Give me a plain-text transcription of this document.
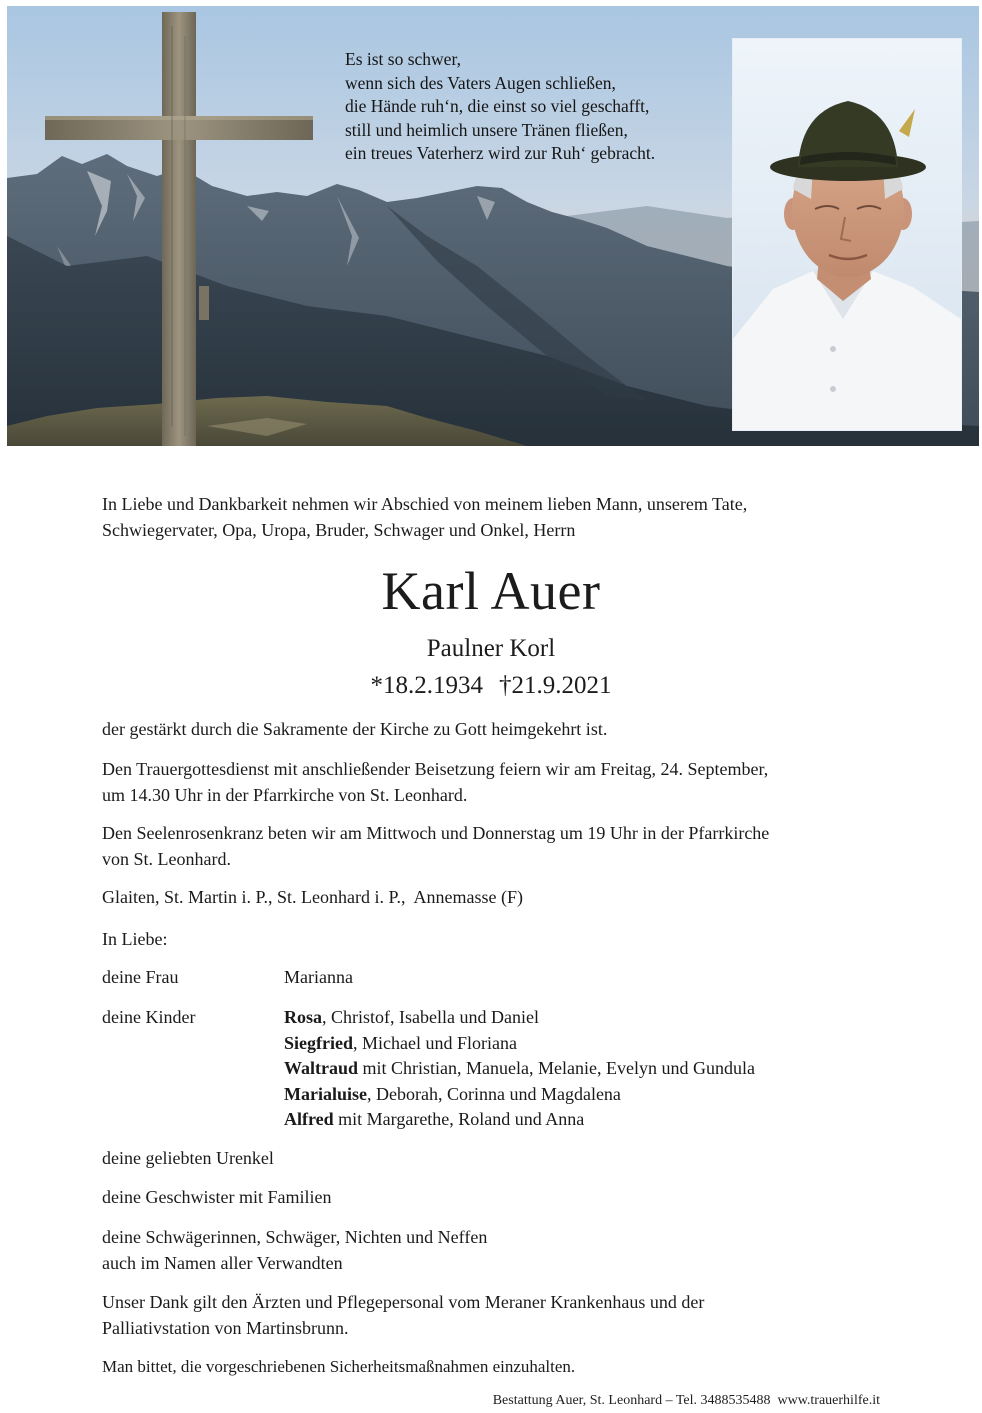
Es ist so schwer,

wenn sich des Vaters Augen schließen,

die Hände ruh‘n, die einst so viel geschafft,

still und heimlich unsere Tränen fließen,

ein treues Vaterherz wird zur Ruh‘ gebracht.

In Liebe und Dankbarkeit nehmen wir Abschied von meinem lieben Mann, unserem Tate,
Schwiegervater, Opa, Uropa, Bruder, Schwager und Onkel, Herrn

Karl Auer

Paulner Korl

*18.2.1934 †21.9.2021

der gestärkt durch die Sakramente der Kirche zu Gott heimgekehrt ist.

Den Trauergottesdienst mit anschließender Beisetzung feiern wir am Freitag, 24. September,
um 14.30 Uhr in der Pfarrkirche von St. Leonhard.

Den Seelenrosenkranz beten wir am Mittwoch und Donnerstag um 19 Uhr in der Pfarrkirche
von St. Leonhard.

Glaiten, St. Martin i. P., St. Leonhard i. P.,  Annemasse (F)

In Liebe:

deine Frau	Marianna

deine Kinder	Rosa, Christof, Isabella und Daniel
Siegfried, Michael und Floriana
Waltraud mit Christian, Manuela, Melanie, Evelyn und Gundula
Marialuise, Deborah, Corinna und Magdalena
Alfred mit Margarethe, Roland und Anna

deine geliebten Urenkel

deine Geschwister mit Familien

deine Schwägerinnen, Schwäger, Nichten und Neffen
auch im Namen aller Verwandten

Unser Dank gilt den Ärzten und Pflegepersonal vom Meraner Krankenhaus und der
Palliativstation von Martinsbrunn.

Man bittet, die vorgeschriebenen Sicherheitsmaßnahmen einzuhalten.

Bestattung Auer, St. Leonhard – Tel. 3488535488  www.trauerhilfe.it
